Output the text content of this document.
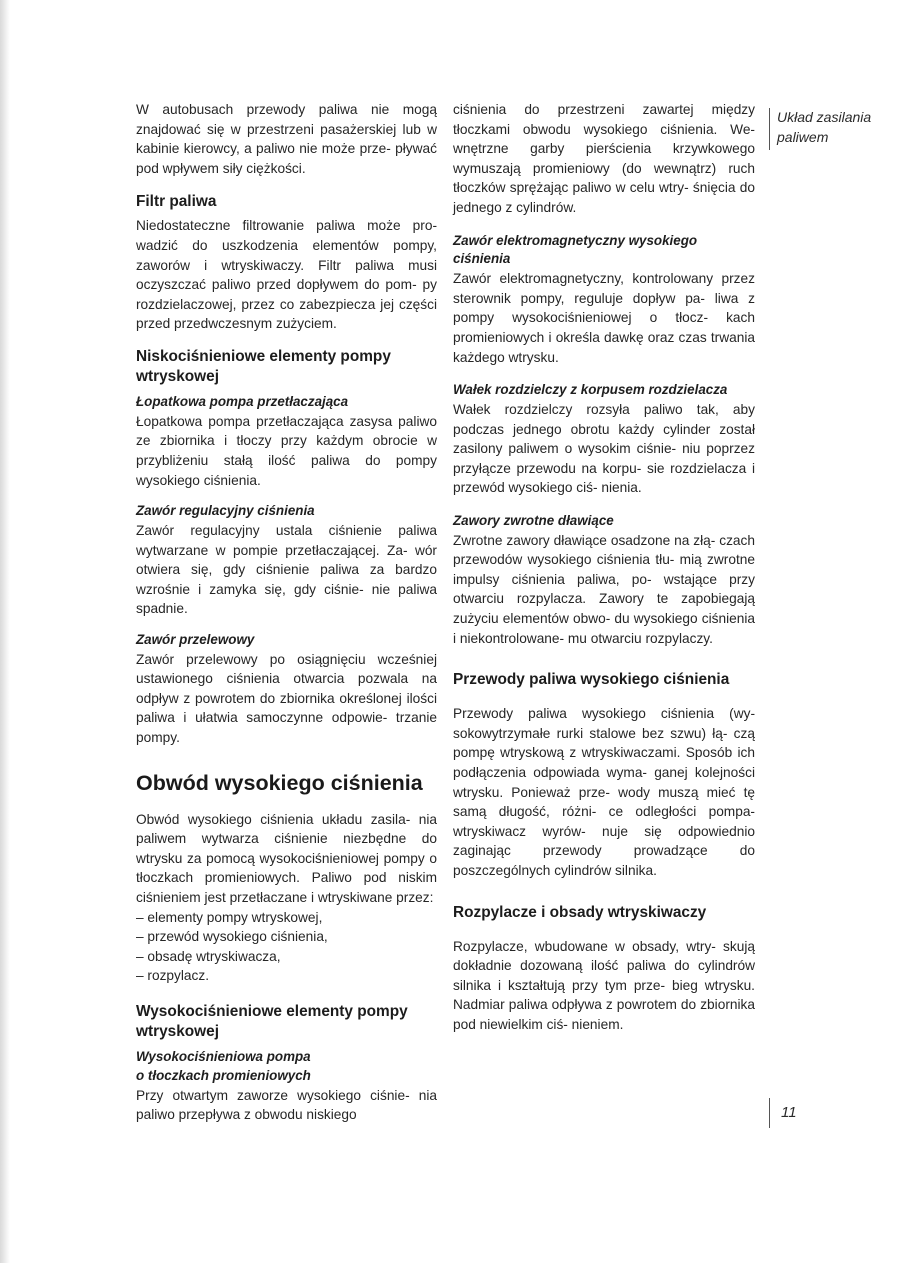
W autobusach przewody paliwa nie mogą znajdować się w przestrzeni pasażerskiej lub w kabinie kierowcy, a paliwo nie może prze- pływać pod wpływem siły ciężkości.

Filtr paliwa

Niedostateczne filtrowanie paliwa może pro- wadzić do uszkodzenia elementów pompy, zaworów i wtryskiwaczy. Filtr paliwa musi oczyszczać paliwo przed dopływem do pom- py rozdzielaczowej, przez co zabezpiecza jej części przed przedwczesnym zużyciem.

Niskociśnieniowe elementy pompy wtryskowej
Łopatkowa pompa przetłaczająca

Łopatkowa pompa przetłaczająca zasysa paliwo ze zbiornika i tłoczy przy każdym obrocie w przybliżeniu stałą ilość paliwa do pompy wysokiego ciśnienia.

Zawór regulacyjny ciśnienia

Zawór regulacyjny ustala ciśnienie paliwa wytwarzane w pompie przetłaczającej. Za- wór otwiera się, gdy ciśnienie paliwa za bardzo wzrośnie i zamyka się, gdy ciśnie- nie paliwa spadnie.

Zawór przelewowy

Zawór przelewowy po osiągnięciu wcześniej ustawionego ciśnienia otwarcia pozwala na odpływ z powrotem do zbiornika określonej ilości paliwa i ułatwia samoczynne odpowie- trzanie pompy.

Obwód wysokiego ciśnienia

Obwód wysokiego ciśnienia układu zasila- nia paliwem wytwarza ciśnienie niezbędne do wtrysku za pomocą wysokociśnieniowej pompy o tłoczkach promieniowych. Paliwo pod niskim ciśnieniem jest przetłaczane i wtryskiwane przez:

– elementy pompy wtryskowej,
– przewód wysokiego ciśnienia,
– obsadę wtryskiwacza,
– rozpylacz.
Wysokociśnieniowe elementy pompy wtryskowej
Wysokociśnieniowa pompa
o tłoczkach promieniowych

Przy otwartym zaworze wysokiego ciśnie- nia paliwo przepływa z obwodu niskiego

ciśnienia do przestrzeni zawartej między tłoczkami obwodu wysokiego ciśnienia. We- wnętrzne garby pierścienia krzywkowego wymuszają promieniowy (do wewnątrz) ruch tłoczków sprężając paliwo w celu wtry- śnięcia do jednego z cylindrów.

Zawór elektromagnetyczny wysokiego ciśnienia

Zawór elektromagnetyczny, kontrolowany przez sterownik pompy, reguluje dopływ pa- liwa z pompy wysokociśnieniowej o tłocz- kach promieniowych i określa dawkę oraz czas trwania każdego wtrysku.

Wałek rozdzielczy z korpusem rozdzielacza

Wałek rozdzielczy rozsyła paliwo tak, aby podczas jednego obrotu każdy cylinder został zasilony paliwem o wysokim ciśnie- niu poprzez przyłącze przewodu na korpu- sie rozdzielacza i przewód wysokiego ciś- nienia.

Zawory zwrotne dławiące

Zwrotne zawory dławiące osadzone na złą- czach przewodów wysokiego ciśnienia tłu- mią zwrotne impulsy ciśnienia paliwa, po- wstające przy otwarciu rozpylacza. Zawory te zapobiegają zużyciu elementów obwo- du wysokiego ciśnienia i niekontrolowane- mu otwarciu rozpylaczy.

Przewody paliwa wysokiego ciśnienia

Przewody paliwa wysokiego ciśnienia (wy- sokowytrzymałe rurki stalowe bez szwu) łą- czą pompę wtryskową z wtryskiwaczami. Sposób ich podłączenia odpowiada wyma- ganej kolejności wtrysku. Ponieważ prze- wody muszą mieć tę samą długość, różni- ce odległości pompa-wtryskiwacz wyrów- nuje się odpowiednio zaginając przewody prowadzące do poszczególnych cylindrów silnika.

Rozpylacze i obsady wtryskiwaczy

Rozpylacze, wbudowane w obsady, wtry- skują dokładnie dozowaną ilość paliwa do cylindrów silnika i kształtują przy tym prze- bieg wtrysku. Nadmiar paliwa odpływa z powrotem do zbiornika pod niewielkim ciś- nieniem.

Układ zasilania
paliwem
11
